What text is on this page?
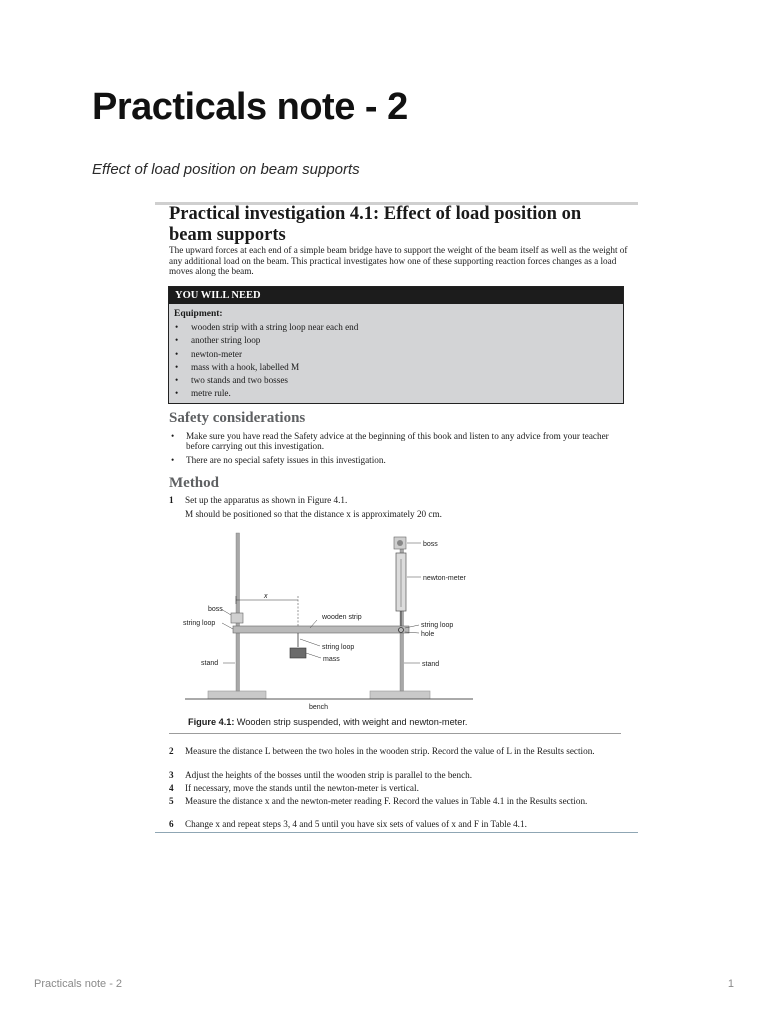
Practicals note - 2
Effect of load position on beam supports
Practical investigation 4.1: Effect of load position on beam supports

The upward forces at each end of a simple beam bridge have to support the weight of the beam itself as well as the weight of any additional load on the beam. This practical investigates how one of these supporting reaction forces changes as a load moves along the beam.

YOU WILL NEED
Equipment:
• wooden strip with a string loop near each end
• another string loop
• newton-meter
• mass with a hook, labelled M
• two stands and two bosses
• metre rule.
Safety considerations
• Make sure you have read the Safety advice at the beginning of this book and listen to any advice from your teacher before carrying out this investigation.
• There are no special safety issues in this investigation.
Method
1	Set up the apparatus as shown in Figure 4.1.
M should be positioned so that the distance x is approximately 20 cm.
boss
string loop
x
wooden strip
string loop
mass
stand
bench
boss
newton-meter
string loop
hole
stand
Figure 4.1: Wooden strip suspended, with weight and newton-meter.
2	Measure the distance L between the two holes in the wooden strip. Record the value of L in the Results section.
3	Adjust the heights of the bosses until the wooden strip is parallel to the bench.
4	If necessary, move the stands until the newton-meter is vertical.
5	Measure the distance x and the newton-meter reading F. Record the values in Table 4.1 in the Results section.
6	Change x and repeat steps 3, 4 and 5 until you have six sets of values of x and F in Table 4.1.
Practicals note - 2	1
